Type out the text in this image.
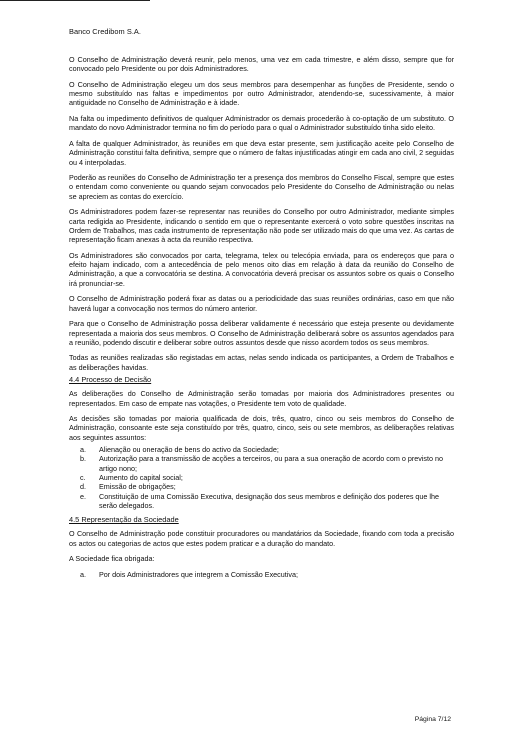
Banco Credibom S.A.

O Conselho de Administração deverá reunir, pelo menos, uma vez em cada trimestre, e além disso, sempre que for convocado pelo Presidente ou por dois Administradores.

O Conselho de Administração elegeu um dos seus membros para desempenhar as funções de Presidente, sendo o mesmo substituído nas faltas e impedimentos por outro Administrador, atendendo-se, sucessivamente, à maior antiguidade no Conselho de Administração e à idade.

Na falta ou impedimento definitivos de qualquer Administrador os demais procederão à co-optação de um substituto. O mandato do novo Administrador termina no fim do período para o qual o Administrador substituído tinha sido eleito.

A falta de qualquer Administrador, às reuniões em que deva estar presente, sem justificação aceite pelo Conselho de Administração constitui falta definitiva, sempre que o número de faltas injustificadas atingir em cada ano civil, 2 seguidas ou 4 interpoladas.

Poderão as reuniões do Conselho de Administração ter a presença dos membros do Conselho Fiscal, sempre que estes o entendam como conveniente ou quando sejam convocados pelo Presidente do Conselho de Administração ou nelas se apreciem as contas do exercício.

Os Administradores podem fazer-se representar nas reuniões do Conselho por outro Administrador, mediante simples carta redigida ao Presidente, indicando o sentido em que o representante exercerá o voto sobre questões inscritas na Ordem de Trabalhos, mas cada instrumento de representação não pode ser utilizado mais do que uma vez. As cartas de representação ficam anexas à acta da reunião respectiva.

Os Administradores são convocados por carta, telegrama, telex ou telecópia enviada, para os endereços que para o efeito hajam indicado, com a antecedência de pelo menos oito dias em relação à data da reunião do Conselho de Administração, a que a convocatória se destina. A convocatória deverá precisar os assuntos sobre os quais o Conselho irá pronunciar-se.

O Conselho de Administração poderá fixar as datas ou a periodicidade das suas reuniões ordinárias, caso em que não haverá lugar a convocação nos termos do número anterior.

Para que o Conselho de Administração possa deliberar validamente é necessário que esteja presente ou devidamente representada a maioria dos seus membros. O Conselho de Administração deliberará sobre os assuntos agendados para a reunião, podendo discutir e deliberar sobre outros assuntos desde que nisso acordem todos os seus membros.

Todas as reuniões realizadas são registadas em actas, nelas sendo indicada os participantes, a Ordem de Trabalhos e as deliberações havidas.

4.4 Processo de Decisão

As deliberações do Conselho de Administração serão tomadas por maioria dos Administradores presentes ou representados. Em caso de empate nas votações, o Presidente tem voto de qualidade.

As decisões são tomadas por maioria qualificada de dois, três, quatro, cinco ou seis membros do Conselho de Administração, consoante este seja constituído por três, quatro, cinco, seis ou sete membros, as deliberações relativas aos seguintes assuntos:

a.	Alienação ou oneração de bens do activo da Sociedade;
b.	Autorização para a transmissão de acções a terceiros, ou para a sua oneração de acordo com o previsto no artigo nono;
c.	Aumento do capital social;
d.	Emissão de obrigações;
e.	Constituição de uma Comissão Executiva, designação dos seus membros e definição dos poderes que lhe serão delegados.
4.5 Representação da Sociedade

O Conselho de Administração pode constituir procuradores ou mandatários da Sociedade, fixando com toda a precisão os actos ou categorias de actos que estes podem praticar e a duração do mandato.

A Sociedade fica obrigada:

a.	Por dois Administradores que integrem a Comissão Executiva;
Página 7/12
